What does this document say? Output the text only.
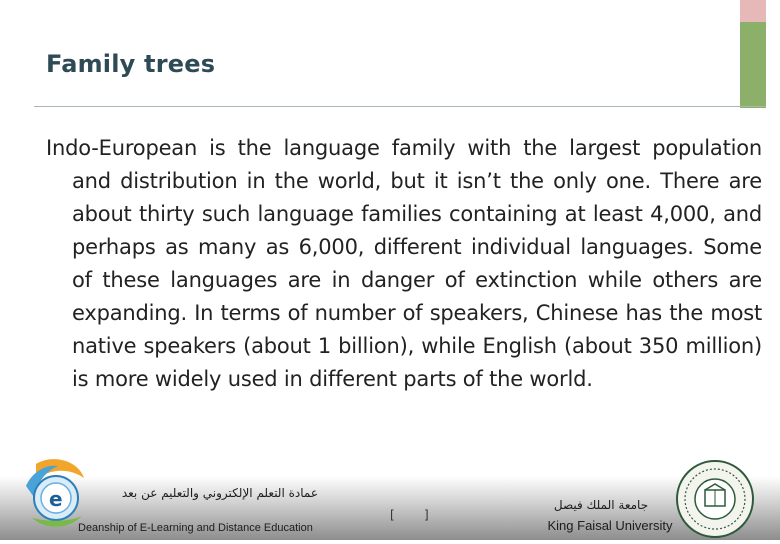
Family trees
Indo-European is the language family with the largest population and distribution in the world, but it isn’t the only one. There are about thirty such language families containing at least 4,000, and perhaps as many as 6,000, different individual languages. Some of these languages are in danger of extinction while others are expanding. In terms of number of speakers, Chinese has the most native speakers (about 1 billion), while English (about 350 million) is more widely used in different parts of the world.
e	عمادة التعلم الإلكتروني والتعليم عن بعد
Deanship of E-Learning and Distance Education
[ ]
جامعة الملك فيصل
King Faisal University
